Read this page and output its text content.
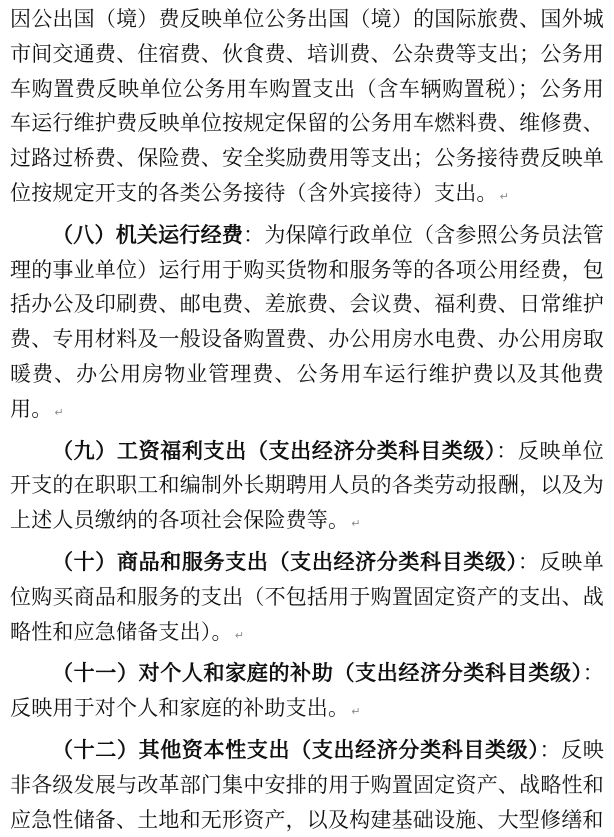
因公出国（境）费反映单位公务出国（境）的国际旅费、国外城市间交通费、住宿费、伙食费、培训费、公杂费等支出；公务用车购置费反映单位公务用车购置支出（含车辆购置税）；公务用车运行维护费反映单位按规定保留的公务用车燃料费、维修费、过路过桥费、保险费、安全奖励费用等支出；公务接待费反映单位按规定开支的各类公务接待（含外宾接待）支出。 ↵

（八）机关运行经费：为保障行政单位（含参照公务员法管理的事业单位）运行用于购买货物和服务等的各项公用经费，包括办公及印刷费、邮电费、差旅费、会议费、福利费、日常维护费、专用材料及一般设备购置费、办公用房水电费、办公用房取暖费、办公用房物业管理费、公务用车运行维护费以及其他费用。 ↵

（九）工资福利支出（支出经济分类科目类级）：反映单位开支的在职职工和编制外长期聘用人员的各类劳动报酬，以及为上述人员缴纳的各项社会保险费等。 ↵

（十）商品和服务支出（支出经济分类科目类级）：反映单位购买商品和服务的支出（不包括用于购置固定资产的支出、战略性和应急储备支出）。 ↵

（十一）对个人和家庭的补助（支出经济分类科目类级）：反映用于对个人和家庭的补助支出。 ↵

（十二）其他资本性支出（支出经济分类科目类级）：反映非各级发展与改革部门集中安排的用于购置固定资产、战略性和应急性储备、土地和无形资产，以及构建基础设施、大型修缮和
